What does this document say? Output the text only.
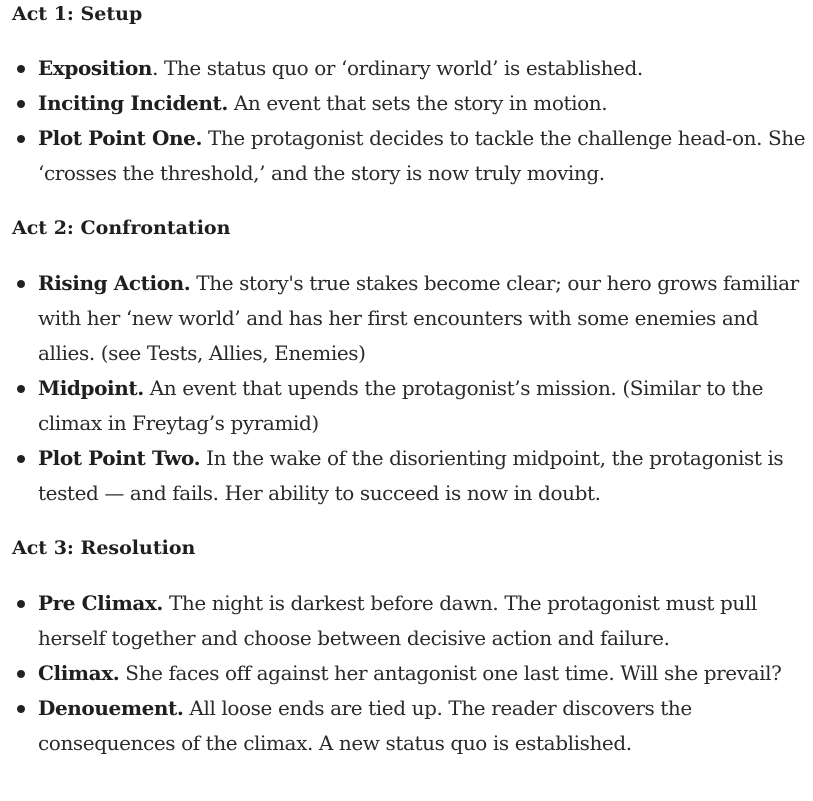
Act 1: Setup
Exposition. The status quo or ‘ordinary world’ is established.
Inciting Incident. An event that sets the story in motion.
Plot Point One. The protagonist decides to tackle the challenge head-on. She ‘crosses the threshold,’ and the story is now truly moving.
Act 2: Confrontation
Rising Action. The story's true stakes become clear; our hero grows familiar with her ‘new world’ and has her first encounters with some enemies and allies. (see Tests, Allies, Enemies)
Midpoint. An event that upends the protagonist’s mission. (Similar to the climax in Freytag’s pyramid)
Plot Point Two. In the wake of the disorienting midpoint, the protagonist is tested — and fails. Her ability to succeed is now in doubt.
Act 3: Resolution
Pre Climax. The night is darkest before dawn. The protagonist must pull herself together and choose between decisive action and failure.
Climax. She faces off against her antagonist one last time. Will she prevail?
Denouement. All loose ends are tied up. The reader discovers the consequences of the climax. A new status quo is established.
